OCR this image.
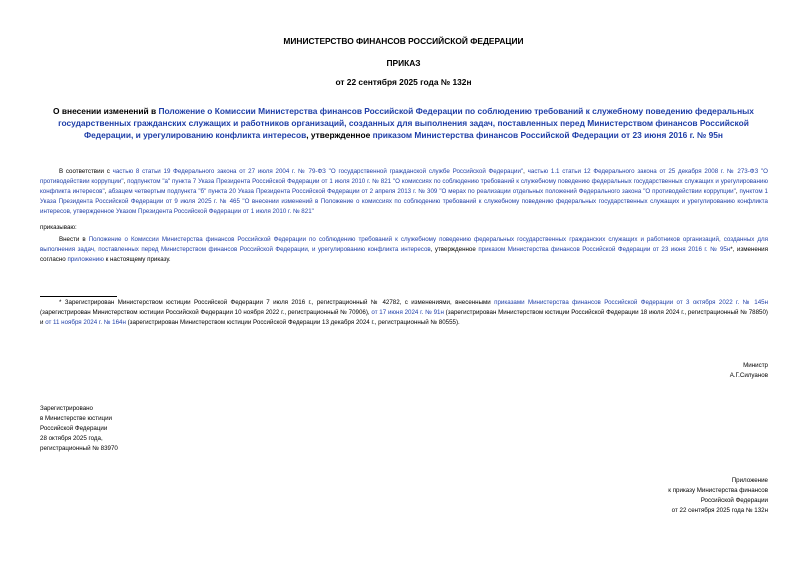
МИНИСТЕРСТВО ФИНАНСОВ РОССИЙСКОЙ ФЕДЕРАЦИИ
ПРИКАЗ
от 22 сентября 2025 года № 132н
О внесении изменений в Положение о Комиссии Министерства финансов Российской Федерации по соблюдению требований к служебному поведению федеральных государственных гражданских служащих и работников организаций, созданных для выполнения задач, поставленных перед Министерством финансов Российской Федерации, и урегулированию конфликта интересов, утвержденное приказом Министерства финансов Российской Федерации от 23 июня 2016 г. № 95н
В соответствии с частью 8 статьи 19 Федерального закона от 27 июля 2004 г. № 79-ФЗ "О государственной гражданской службе Российской Федерации", частью 1.1 статьи 12 Федерального закона от 25 декабря 2008 г. № 273-ФЗ "О противодействии коррупции", подпунктом "а" пункта 7 Указа Президента Российской Федерации от 1 июля 2010 г. № 821 "О комиссиях по соблюдению требований к служебному поведению федеральных государственных служащих и урегулированию конфликта интересов", абзацем четвертым подпункта "б" пункта 20 Указа Президента Российской Федерации от 2 апреля 2013 г. № 309 "О мерах по реализации отдельных положений Федерального закона "О противодействии коррупции", пунктом 1 Указа Президента Российской Федерации от 9 июля 2025 г. № 465 "О внесении изменений в Положение о комиссиях по соблюдению требований к служебному поведению федеральных государственных служащих и урегулированию конфликта интересов, утвержденное Указом Президента Российской Федерации от 1 июля 2010 г. № 821"
приказываю:
Внести в Положение о Комиссии Министерства финансов Российской Федерации по соблюдению требований к служебному поведению федеральных государственных гражданских служащих и работников организаций, созданных для выполнения задач, поставленных перед Министерством финансов Российской Федерации, и урегулированию конфликта интересов, утвержденное приказом Министерства финансов Российской Федерации от 23 июня 2016 г. № 95н*, изменения согласно приложению к настоящему приказу.
* Зарегистрирован Министерством юстиции Российской Федерации 7 июля 2016 г., регистрационный № 42782, с изменениями, внесенными приказами Министерства финансов Российской Федерации от 3 октября 2022 г. № 145н (зарегистрирован Министерством юстиции Российской Федерации 10 ноября 2022 г., регистрационный № 70906), от 17 июня 2024 г. № 91н (зарегистрирован Министерством юстиции Российской Федерации 18 июля 2024 г., регистрационный № 78850) и от 11 ноября 2024 г. № 164н (зарегистрирован Министерством юстиции Российской Федерации 13 декабря 2024 г., регистрационный № 80555).
Министр
А.Г.Силуанов
Зарегистрировано
в Министерстве юстиции
Российской Федерации
28 октября 2025 года,
регистрационный № 83970
Приложение
к приказу Министерства финансов
Российской Федерации
от 22 сентября 2025 года № 132н
